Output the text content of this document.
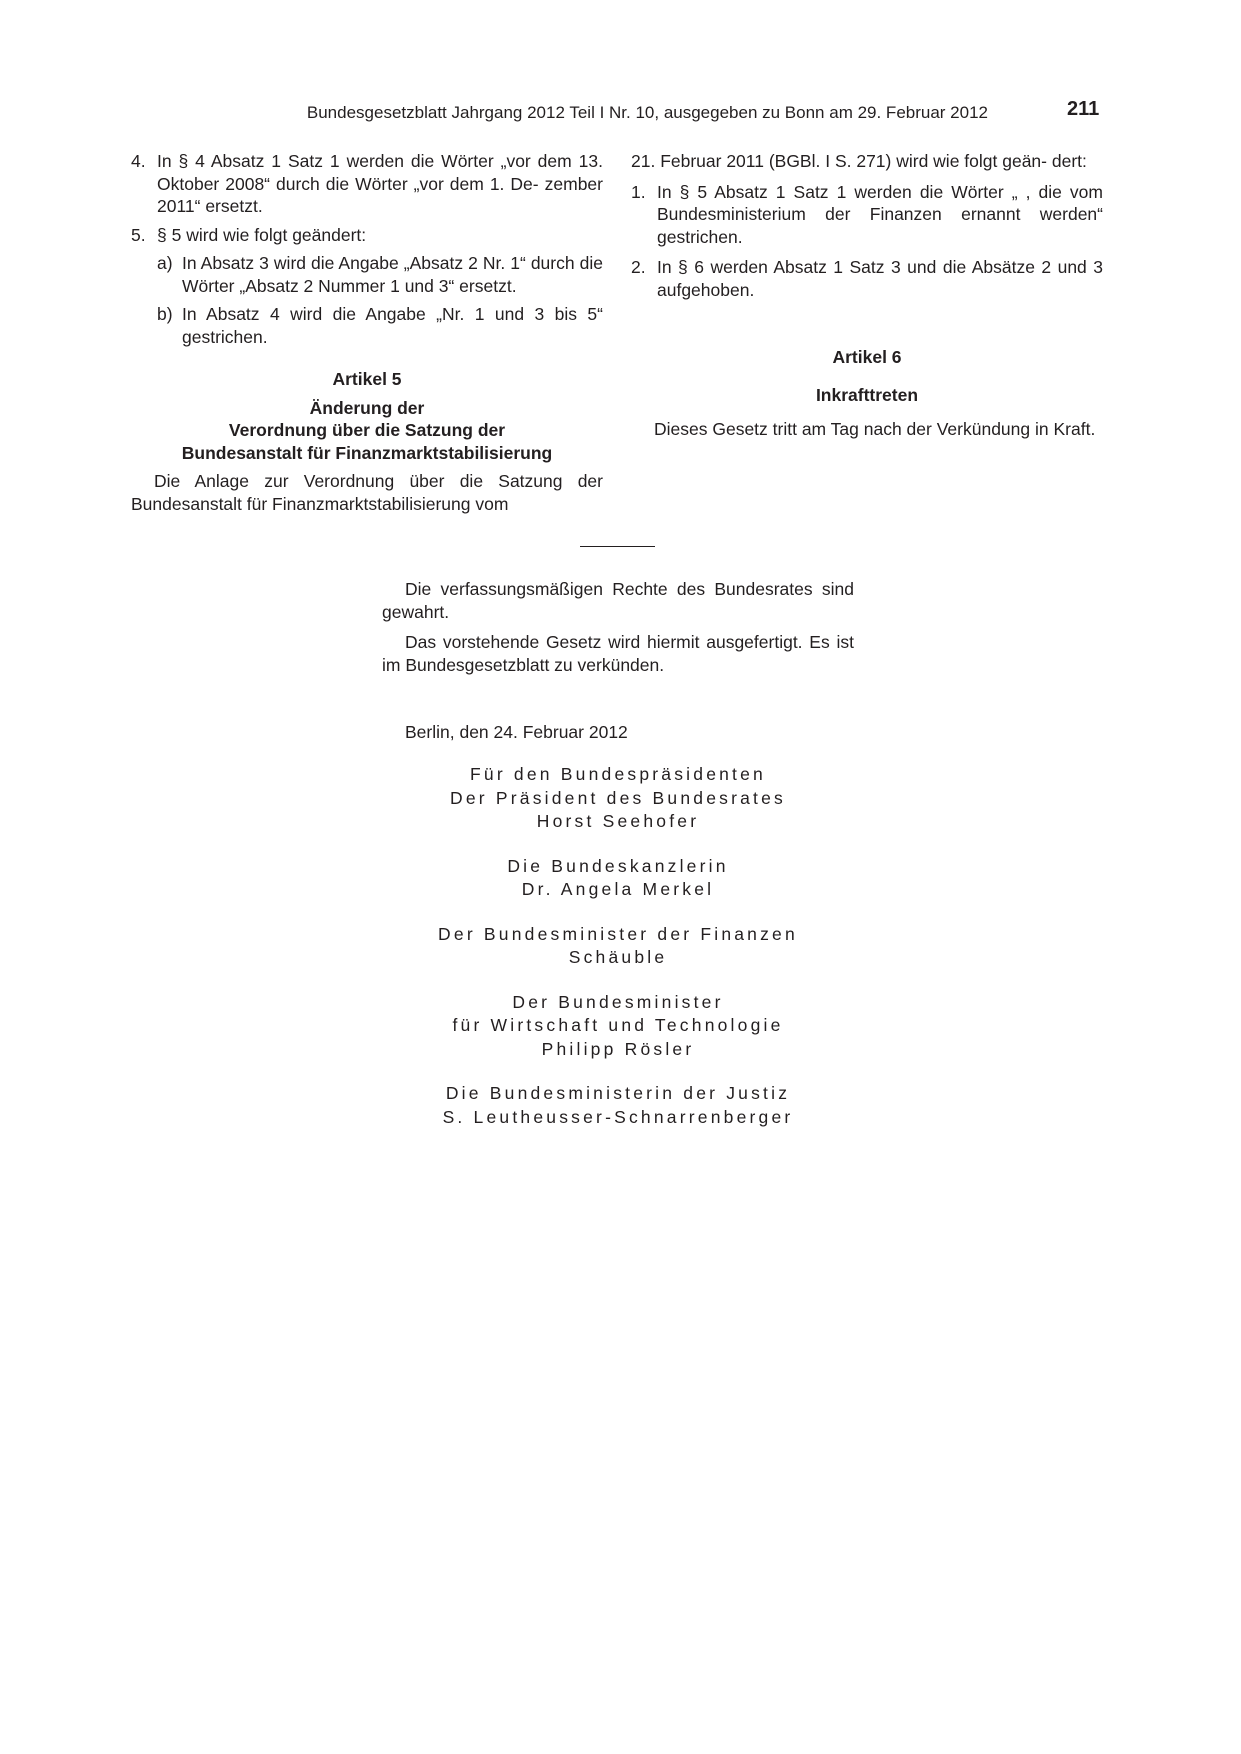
Bundesgesetzblatt Jahrgang 2012 Teil I Nr. 10, ausgegeben zu Bonn am 29. Februar 2012	211
4. In § 4 Absatz 1 Satz 1 werden die Wörter „vor dem 13. Oktober 2008“ durch die Wörter „vor dem 1. De- zember 2011“ ersetzt.
5. § 5 wird wie folgt geändert:
a) In Absatz 3 wird die Angabe „Absatz 2 Nr. 1“ durch die Wörter „Absatz 2 Nummer 1 und 3“ ersetzt.
b) In Absatz 4 wird die Angabe „Nr. 1 und 3 bis 5“ gestrichen.

Artikel 5

Änderung der

Verordnung über die Satzung der

Bundesanstalt für Finanzmarktstabilisierung

Die Anlage zur Verordnung über die Satzung der Bundesanstalt für Finanzmarktstabilisierung vom

21. Februar 2011 (BGBl. I S. 271) wird wie folgt geän- dert:

1. In § 5 Absatz 1 Satz 1 werden die Wörter „ , die vom Bundesministerium der Finanzen ernannt werden“ gestrichen.
2. In § 6 werden Absatz 1 Satz 3 und die Absätze 2 und 3 aufgehoben.

Artikel 6

Inkrafttreten

Dieses Gesetz tritt am Tag nach der Verkündung in Kraft.

Die verfassungsmäßigen Rechte des Bundesrates sind gewahrt.

Das vorstehende Gesetz wird hiermit ausgefertigt. Es ist im Bundesgesetzblatt zu verkünden.

Berlin, den 24. Februar 2012

Für den Bundespräsidenten

Der Präsident des Bundesrates

Horst Seehofer

Die Bundeskanzlerin

Dr. Angela Merkel

Der Bundesminister der Finanzen

Schäuble

Der Bundesminister

für Wirtschaft und Technologie

Philipp Rösler

Die Bundesministerin der Justiz

S. Leutheusser-Schnarrenberger
